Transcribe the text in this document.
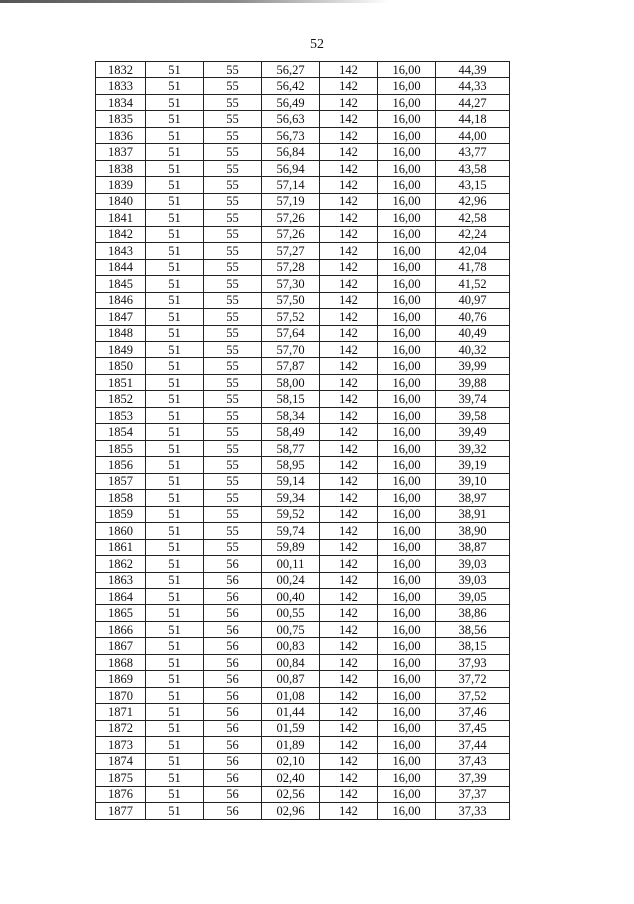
52
1832	51	55	56,27	142	16,00	44,39
1833	51	55	56,42	142	16,00	44,33
1834	51	55	56,49	142	16,00	44,27
1835	51	55	56,63	142	16,00	44,18
1836	51	55	56,73	142	16,00	44,00
1837	51	55	56,84	142	16,00	43,77
1838	51	55	56,94	142	16,00	43,58
1839	51	55	57,14	142	16,00	43,15
1840	51	55	57,19	142	16,00	42,96
1841	51	55	57,26	142	16,00	42,58
1842	51	55	57,26	142	16,00	42,24
1843	51	55	57,27	142	16,00	42,04
1844	51	55	57,28	142	16,00	41,78
1845	51	55	57,30	142	16,00	41,52
1846	51	55	57,50	142	16,00	40,97
1847	51	55	57,52	142	16,00	40,76
1848	51	55	57,64	142	16,00	40,49
1849	51	55	57,70	142	16,00	40,32
1850	51	55	57,87	142	16,00	39,99
1851	51	55	58,00	142	16,00	39,88
1852	51	55	58,15	142	16,00	39,74
1853	51	55	58,34	142	16,00	39,58
1854	51	55	58,49	142	16,00	39,49
1855	51	55	58,77	142	16,00	39,32
1856	51	55	58,95	142	16,00	39,19
1857	51	55	59,14	142	16,00	39,10
1858	51	55	59,34	142	16,00	38,97
1859	51	55	59,52	142	16,00	38,91
1860	51	55	59,74	142	16,00	38,90
1861	51	55	59,89	142	16,00	38,87
1862	51	56	00,11	142	16,00	39,03
1863	51	56	00,24	142	16,00	39,03
1864	51	56	00,40	142	16,00	39,05
1865	51	56	00,55	142	16,00	38,86
1866	51	56	00,75	142	16,00	38,56
1867	51	56	00,83	142	16,00	38,15
1868	51	56	00,84	142	16,00	37,93
1869	51	56	00,87	142	16,00	37,72
1870	51	56	01,08	142	16,00	37,52
1871	51	56	01,44	142	16,00	37,46
1872	51	56	01,59	142	16,00	37,45
1873	51	56	01,89	142	16,00	37,44
1874	51	56	02,10	142	16,00	37,43
1875	51	56	02,40	142	16,00	37,39
1876	51	56	02,56	142	16,00	37,37
1877	51	56	02,96	142	16,00	37,33
